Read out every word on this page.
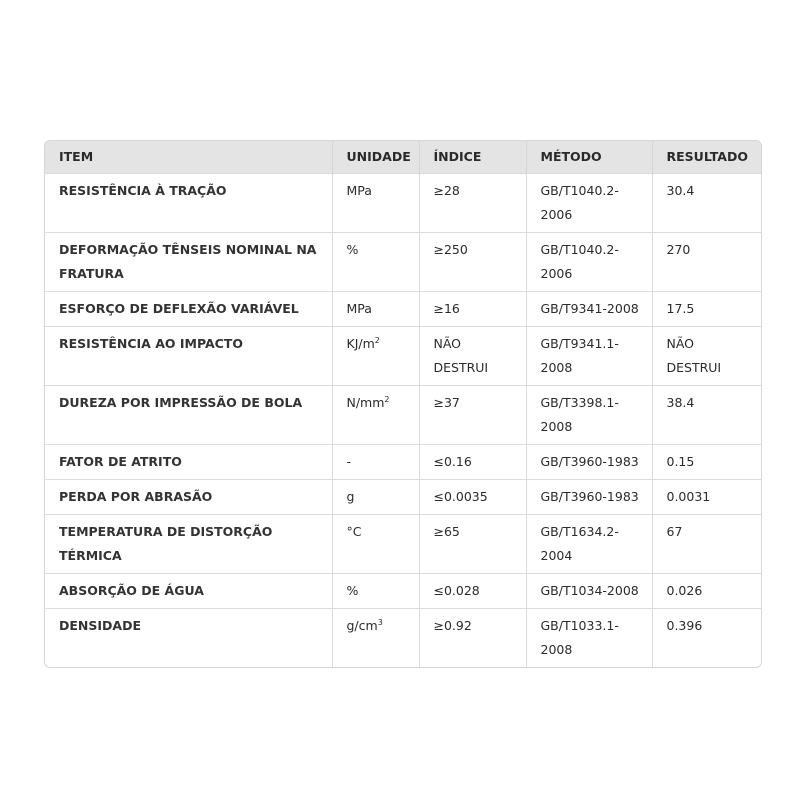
ITEM	UNIDADE	ÍNDICE	MÉTODO	RESULTADO
RESISTÊNCIA À TRAÇÃO	MPa	≥28	GB/T1040.2-2006	30.4
DEFORMAÇÃO TÊNSEIS NOMINAL NA FRATURA	%	≥250	GB/T1040.2-2006	270
ESFORÇO DE DEFLEXÃO VARIÁVEL	MPa	≥16	GB/T9341-2008	17.5
RESISTÊNCIA AO IMPACTO	$KJ/m^2$	NÃO DESTRUI	GB/T9341.1-2008	NÃO DESTRUI
DUREZA POR IMPRESSÃO DE BOLA	$N/mm^2$	≥37	GB/T3398.1-2008	38.4
FATOR DE ATRITO	-	≤0.16	GB/T3960-1983	0.15
PERDA POR ABRASÃO	g	≤0.0035	GB/T3960-1983	0.0031
TEMPERATURA DE DISTORÇÃO TÉRMICA	°C	≥65	GB/T1634.2-2004	67
ABSORÇÃO DE ÁGUA	%	≤0.028	GB/T1034-2008	0.026
DENSIDADE	$g/cm^3$	≥0.92	GB/T1033.1-2008	0.396
